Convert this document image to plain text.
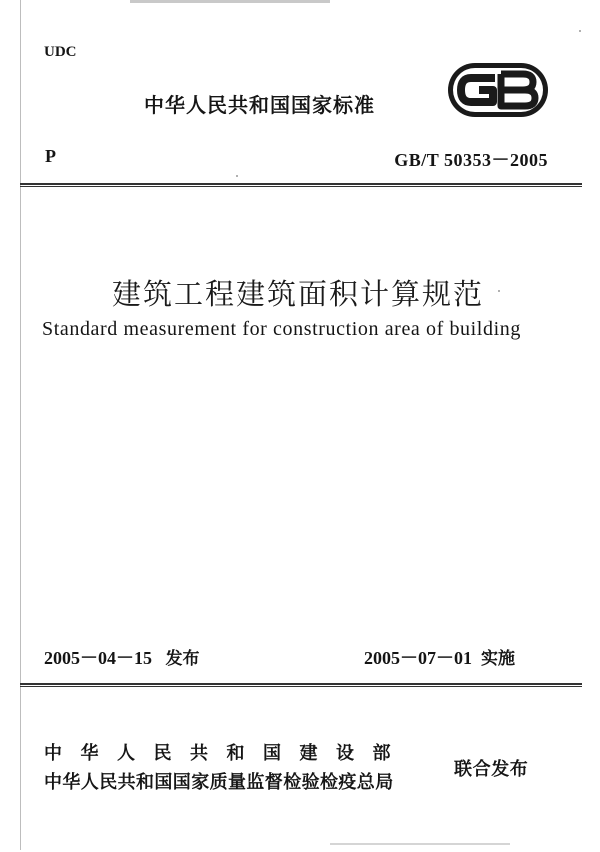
UDC
中华人民共和国国家标准
P	GB/T 50353－2005
建筑工程建筑面积计算规范
Standard measurement for construction area of building
2005－04－15 发布	2005－07－01 实施
中华人民共和国建设部
中华人民共和国国家质量监督检验检疫总局
联合发布
